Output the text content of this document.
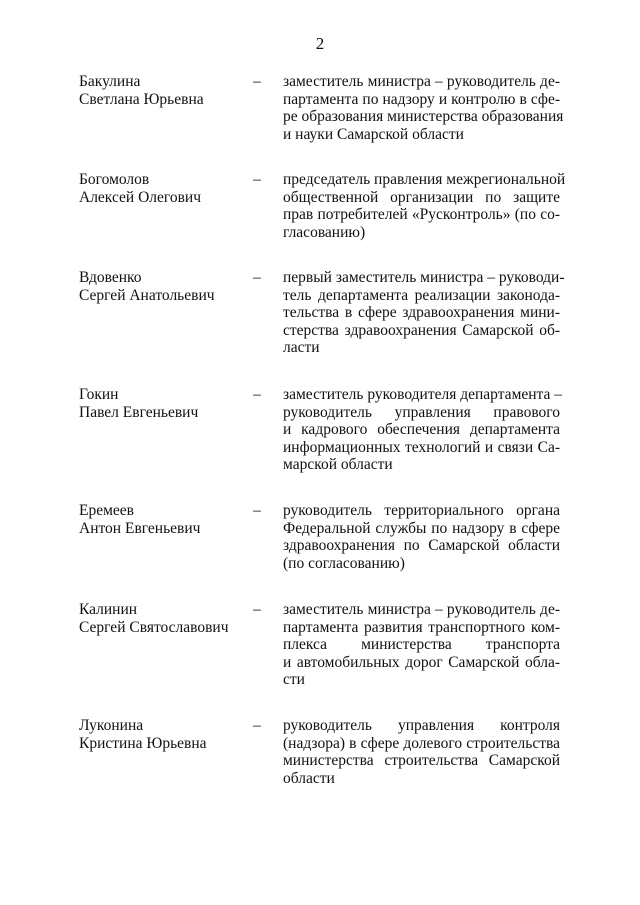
2
Бакулина
Светлана Юрьевна
– заместитель министра – руководитель де-
партамента по надзору и контролю в сфе-
ре образования министерства образования
и науки Самарской области
Богомолов
Алексей Олегович
– председатель правления межрегиональной
общественной организации по защите
прав потребителей «Русконтроль» (по со-
гласованию)
Вдовенко
Сергей Анатольевич
– первый заместитель министра – руководи-
тель департамента реализации законода-
тельства в сфере здравоохранения мини-
стерства здравоохранения Самарской об-
ласти
Гокин
Павел Евгеньевич
– заместитель руководителя департамента –
руководитель управления правового
и кадрового обеспечения департамента
информационных технологий и связи Са-
марской области
Еремеев
Антон Евгеньевич
– руководитель территориального органа
Федеральной службы по надзору в сфере
здравоохранения по Самарской области
(по согласованию)
Калинин
Сергей Святославович
– заместитель министра – руководитель де-
партамента развития транспортного ком-
плекса министерства транспорта
и автомобильных дорог Самарской обла-
сти
Луконина
Кристина Юрьевна
– руководитель управления контроля
(надзора) в сфере долевого строительства
министерства строительства Самарской
области
